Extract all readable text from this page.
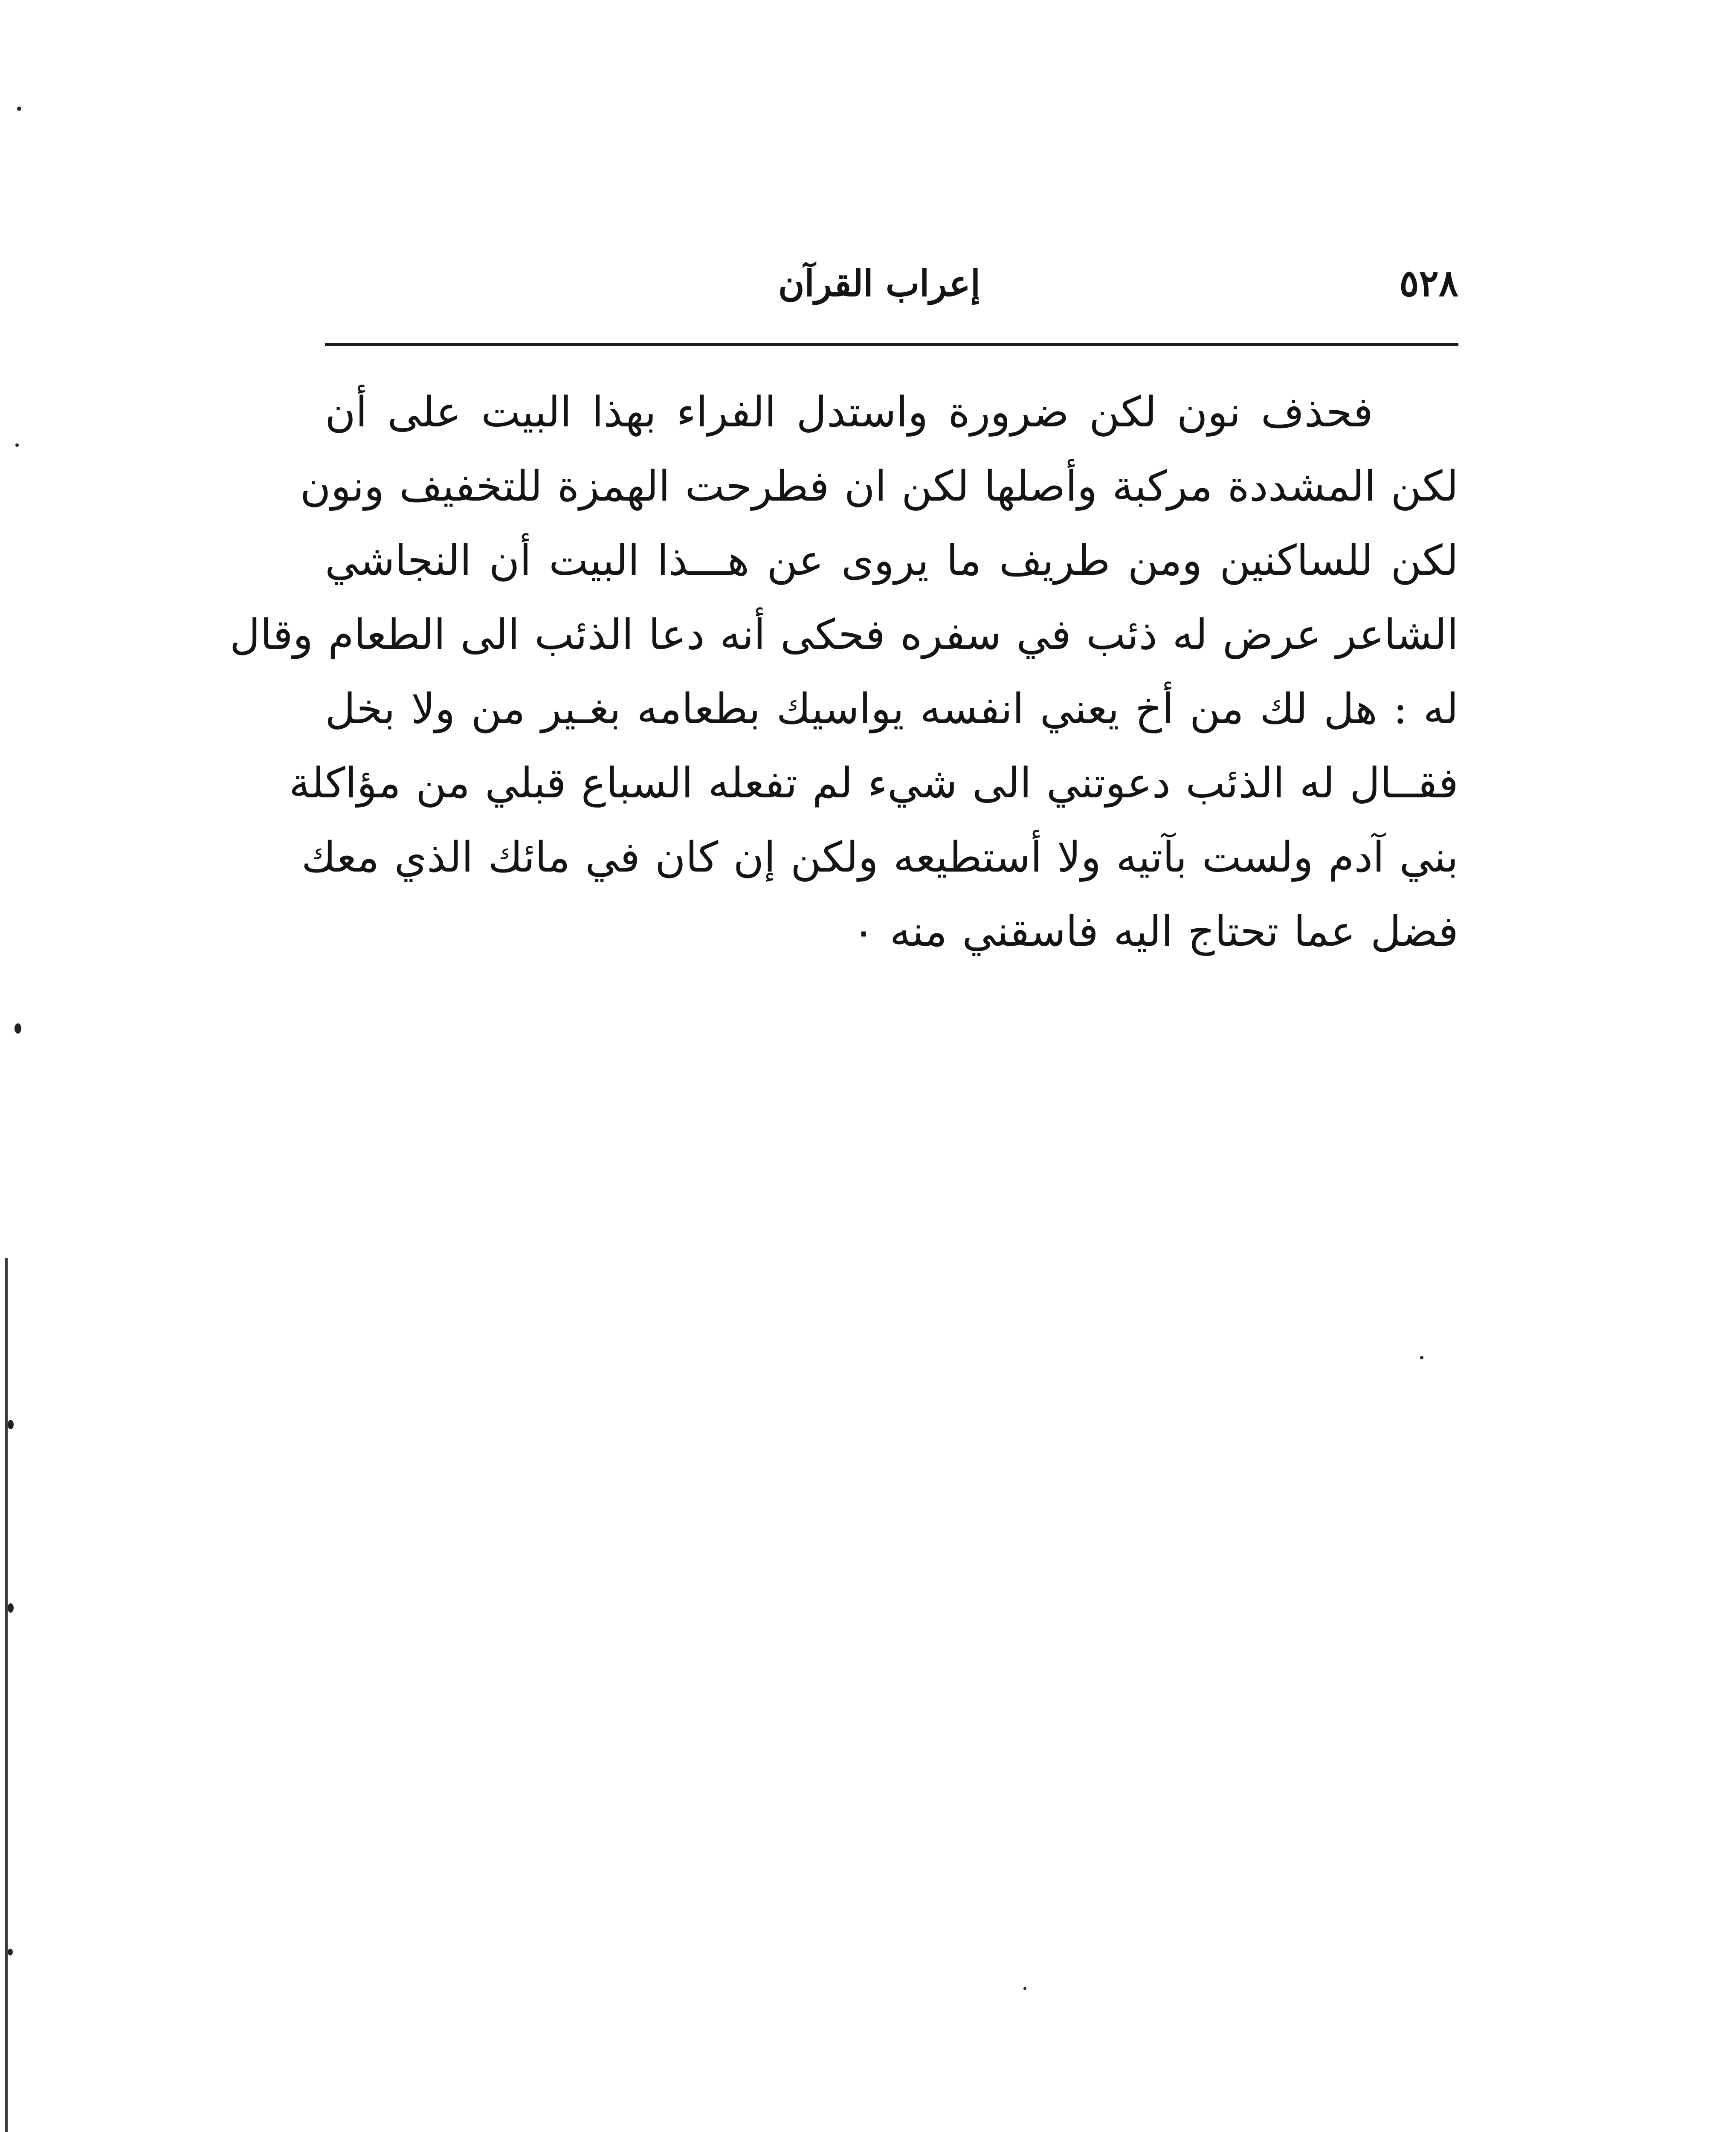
٥٢٨
إعراب القرآن
فحذف نون لكن ضرورة واستدل الفراء بهذا البيت على أن
لكن المشددة مركبة وأصلها لكن ان فطرحت الهمزة للتخفيف ونون
لكن للساكنين ومن طريف ما يروى عن هـــذا البيت أن النجاشي
الشاعر عرض له ذئب في سفره فحكى أنه دعا الذئب الى الطعام وقال
له : هل لك من أخ يعني انفسه يواسيك بطعامه بغـير من ولا بخل
فقــال له الذئب دعوتني الى شيء لم تفعله السباع قبلي من مؤاكلة
بني آدم ولست بآتيه ولا أستطيعه ولكن إن كان في مائك الذي معك
فضل عما تحتاج اليه فاسقني منه ٠
